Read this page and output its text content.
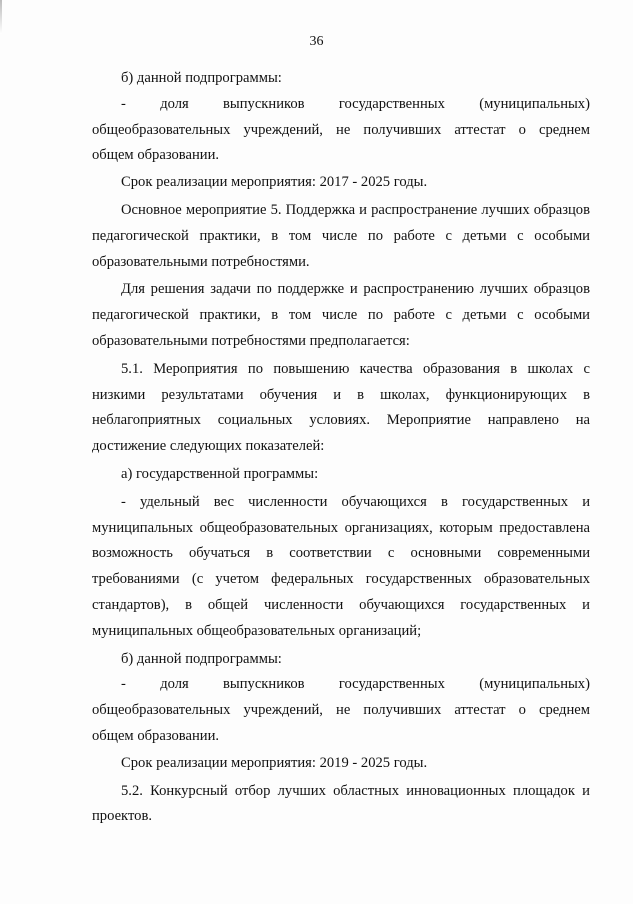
36

б) данной подпрограммы:

- доля выпускников государственных (муниципальных)
общеобразовательных учреждений, не получивших аттестат о среднем
общем образовании.

Срок реализации мероприятия: 2017 - 2025 годы.

Основное мероприятие 5. Поддержка и распространение лучших образцов педагогической практики, в том числе по работе с детьми с особыми образовательными потребностями.

Для решения задачи по поддержке и распространению лучших образцов педагогической практики, в том числе по работе с детьми с особыми образовательными потребностями предполагается:

5.1. Мероприятия по повышению качества образования в школах с низкими результатами обучения и в школах, функционирующих в неблагоприятных социальных условиях. Мероприятие направлено на достижение следующих показателей:

а) государственной программы:

- удельный вес численности обучающихся в государственных и муниципальных общеобразовательных организациях, которым предоставлена возможность обучаться в соответствии с основными современными требованиями (с учетом федеральных государственных образовательных стандартов), в общей численности обучающихся государственных и муниципальных общеобразовательных организаций;

б) данной подпрограммы:

- доля выпускников государственных (муниципальных)
общеобразовательных учреждений, не получивших аттестат о среднем
общем образовании.

Срок реализации мероприятия: 2019 - 2025 годы.

5.2. Конкурсный отбор лучших областных инновационных площадок и проектов.
